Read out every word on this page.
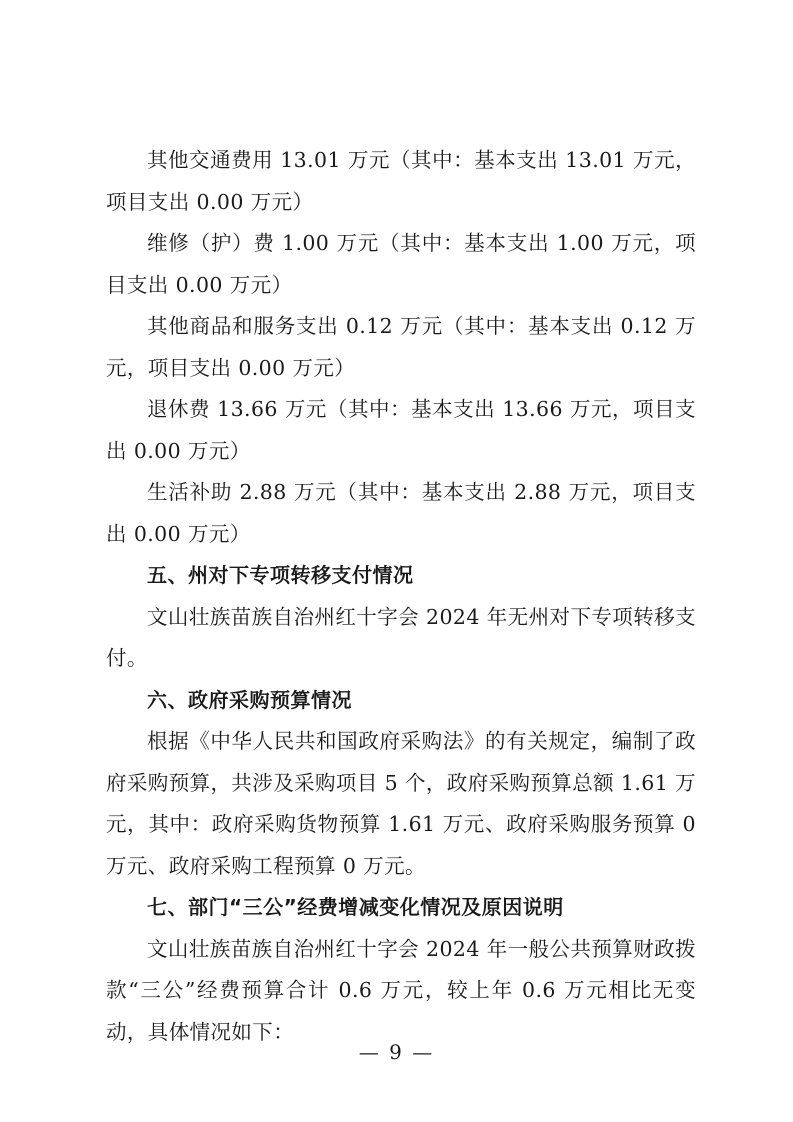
其他交通费用 13.01 万元（其中：基本支出 13.01 万元，项目支出 0.00 万元）

维修（护）费 1.00 万元（其中：基本支出 1.00 万元，项目支出 0.00 万元）

其他商品和服务支出 0.12 万元（其中：基本支出 0.12 万元，项目支出 0.00 万元）

退休费 13.66 万元（其中：基本支出 13.66 万元，项目支出 0.00 万元）

生活补助 2.88 万元（其中：基本支出 2.88 万元，项目支出 0.00 万元）

五、州对下专项转移支付情况

文山壮族苗族自治州红十字会 2024 年无州对下专项转移支付。

六、政府采购预算情况

根据《中华人民共和国政府采购法》的有关规定，编制了政府采购预算，共涉及采购项目 5 个，政府采购预算总额 1.61 万元，其中：政府采购货物预算 1.61 万元、政府采购服务预算 0 万元、政府采购工程预算 0 万元。

七、部门“三公”经费增减变化情况及原因说明

文山壮族苗族自治州红十字会 2024 年一般公共预算财政拨款“三公”经费预算合计 0.6 万元，较上年 0.6 万元相比无变动，具体情况如下：

— 9 —
